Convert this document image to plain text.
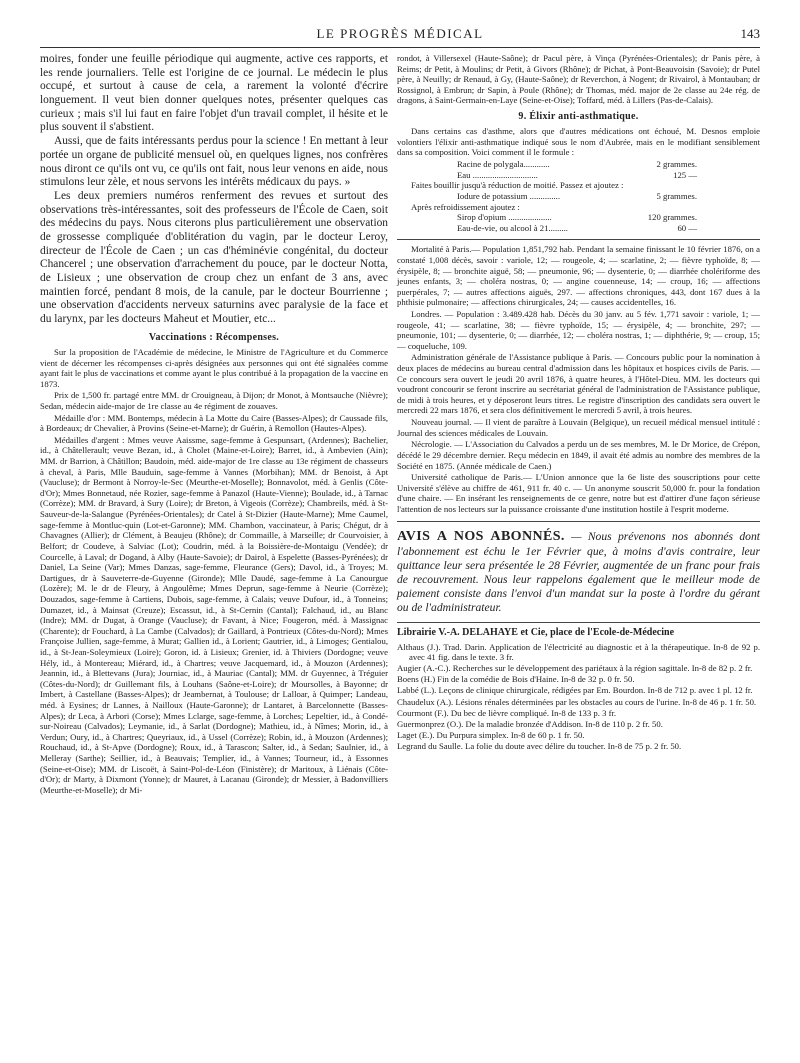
LE PROGRÈS MÉDICAL	143

moires, fonder une feuille périodique qui augmente, active ces rapports, et les rende journaliers. Telle est l'origine de ce journal. Le médecin le plus occupé, et surtout à cause de cela, a rarement la volonté d'écrire longuement. Il veut bien donner quelques notes, présenter quelques cas curieux ; mais s'il lui faut en faire l'objet d'un travail complet, il hésite et le plus souvent il s'abstient.

Aussi, que de faits intéressants perdus pour la science ! En mettant à leur portée un organe de publicité mensuel où, en quelques lignes, nos confrères nous diront ce qu'ils ont vu, ce qu'ils ont fait, nous leur venons en aide, nous stimulons leur zèle, et nous servons les intérêts médicaux du pays. »

Les deux premiers numéros renferment des revues et surtout des observations très-intéressantes, soit des professeurs de l'École de Caen, soit des médecins du pays. Nous citerons plus particulièrement une observation de grossesse compliquée d'oblitération du vagin, par le docteur Leroy, directeur de l'École de Caen ; un cas d'héminévie congénital, du docteur Chancerel ; une observation d'arrachement du pouce, par le docteur Notta, de Lisieux ; une observation de croup chez un enfant de 3 ans, avec maintien forcé, pendant 8 mois, de la canule, par le docteur Bourrienne ; une observation d'accidents nerveux saturnins avec paralysie de la face et du larynx, par les docteurs Maheut et Moutier, etc...

Vaccinations : Récompenses.

Sur la proposition de l'Académie de médecine, le Ministre de l'Agriculture et du Commerce vient de décerner les récompenses ci-après désignées aux personnes qui ont été signalées comme ayant fait le plus de vaccinations et comme ayant le plus contribué à la propagation de la vaccine en 1873.

Prix de 1,500 fr. partagé entre MM. dr Crouigneau, à Dijon; dr Monot, à Montsauche (Nièvre); Sedan, médecin aide-major de 1re classe au 4e régiment de zouaves.

Médaille d'or : MM. Bontemps, médecin à La Motte du Caire (Basses-Alpes); dr Caussade fils, à Bordeaux; dr Chevalier, à Provins (Seine-et-Marne); dr Guérin, à Remollon (Hautes-Alpes).

Médailles d'argent : Mmes veuve Aaissme, sage-femme à Gespunsart, (Ardennes); Bachelier, id., à Châtellerault; veuve Bezan, id., à Cholet (Maine-et-Loire); Barret, id., à Ambevien (Ain); MM. dr Barrion, à Châtillon; Baudoin, méd. aide-major de 1re classe au 13e régiment de chasseurs à cheval, à Paris, Mlle Bauduin, sage-femme à Vannes (Morbihan); MM. dr Benoist, à Apt (Vaucluse); dr Bermont à Norroy-le-Sec (Meurthe-et-Moselle); Bonnavolot, méd. à Genlis (Côte-d'Or); Mmes Bonnetaud, née Rozier, sage-femme à Panazol (Haute-Vienne); Boulade, id., à Tarnac (Corrèze); MM. dr Bravard, à Sury (Loire); dr Breton, à Vigeois (Corrèze); Chambreils, méd. à St-Sauveur-de-la-Salangue (Pyrénées-Orientales); dr Catel à St-Dizier (Haute-Marne); Mme Caumel, sage-femme à Montluc-quin (Lot-et-Garonne); MM. Chambon, vaccinateur, à Paris; Chégut, dr à Chavagnes (Allier); dr Clément, à Beaujeu (Rhône); dr Commaille, à Marseille; dr Courvoisier, à Belfort; dr Coudeve, à Salviac (Lot); Coudrin, méd. à la Boissière-de-Montaigu (Vendée); dr Courcelle, à Laval; dr Dogand, à Alby (Haute-Savoie); dr Dairol, à Espelette (Basses-Pyrénées); dr Daniel, La Seine (Var); Mmes Danzas, sage-femme, Fleurance (Gers); Davol, id., à Troyes; M. Dartigues, dr à Sauveterre-de-Guyenne (Gironde); Mlle Daudé, sage-femme à La Canourgue (Lozère); M. le dr de Fleury, à Angoulême; Mmes Deprun, sage-femme à Neurie (Corrèze); Douzados, sage-femme à Cartiens, Dubois, sage-femme, à Calais; veuve Dufour, id., à Tonneins; Dumazet, id., à Mainsat (Creuze); Escassut, id., à St-Cernin (Cantal); Falchaud, id., au Blanc (Indre); MM. dr Dugat, à Orange (Vaucluse); dr Favant, à Nice; Fougeron, méd. à Massignac (Charente); dr Fouchard, à La Cambe (Calvados); dr Gaillard, à Pontrieux (Côtes-du-Nord); Mmes Françoise Jullien, sage-femme, à Murat; Gallien id., à Lorient; Gautrier, id., à Limoges; Gentialou, id., à St-Jean-Soleymieux (Loire); Goron, id. à Lisieux; Grenier, id. à Thiviers (Dordogne; veuve Hély, id., à Montereau; Miérard, id., à Chartres; veuve Jacquemard, id., à Mouzon (Ardennes); Jeannin, id., à Blettevans (Jura); Journiac, id., à Mauriac (Cantal); MM. dr Guyennec, à Tréguier (Côtes-du-Nord); dr Guillemant fils, à Louhans (Saône-et-Loire); dr Moursolles, à Bayonne; dr Imbert, à Castellane (Basses-Alpes); dr Jeambernat, à Toulouse; dr Lalloar, à Quimper; Landeau, méd. à Eysines; dr Lannes, à Nailloux (Haute-Garonne); dr Lantaret, à Barcelonnette (Basses-Alpes); dr Leca, à Arbori (Corse); Mmes Lclarge, sage-femme, à Lorches; Lepeltier, id., à Condé-sur-Noireau (Calvados); Leymanie, id., à Sarlat (Dordogne); Mathieu, id., à Nîmes; Morin, id., à Verdun; Oury, id., à Chartres; Queyriaux, id., à Ussel (Corrèze); Robin, id., à Mouzon (Ardennes); Rouchaud, id., à St-Apve (Dordogne); Roux, id., à Tarascon; Salter, id., à Sedan; Saulnier, id., à Melleray (Sarthe); Seillier, id., à Beauvais; Templier, id., à Vannes; Tourneur, id., à Essonnes (Seine-et-Oise); MM. dr Liscoët, à Saint-Pol-de-Léon (Finistère); dr Maritoux, à Liénais (Côte-d'Or); dr Marty, à Dixmont (Yonne); dr Mauret, à Lacanau (Gironde); dr Messier, à Badonvilliers (Meurthe-et-Moselle); dr Mi-

rondot, à Villersexel (Haute-Saône); dr Pacul père, à Vinça (Pyrénées-Orientales); dr Panis père, à Reims; dr Petit, à Moulins; dr Petit, à Givors (Rhône); dr Pichat, à Pont-Beauvoisin (Savoie); dr Putel père, à Neuilly; dr Renaud, à Gy, (Haute-Saône); dr Reverchon, à Nogent; dr Rivairol, à Montauban; dr Rossignol, à Embrun; dr Sapin, à Poule (Rhône); dr Thomas, méd. major de 2e classe au 24e rég. de dragons, à Saint-Germain-en-Laye (Seine-et-Oise); Toffard, méd. à Lillers (Pas-de-Calais).

9. Élixir anti-asthmatique.

Dans certains cas d'asthme, alors que d'autres médications ont échoué, M. Desnos emploie volontiers l'élixir anti-asthmatique indiqué sous le nom d'Aubrée, mais en le modifiant sensiblement dans sa composition. Voici comment il le formule :

Racine de polygala............	2 grammes.
Eau ..............................	125 —
Faites bouillir jusqu'à réduction de moitié. Passez et ajoutez :
Iodure de potassium ..............	5 grammes.
Après refroidissement ajoutez :
Sirop d'opium ....................	120 grammes.
Eau-de-vie, ou alcool à 21.........	60 —

Mortalité à Paris.— Population 1,851,792 hab. Pendant la semaine finissant le 10 février 1876, on a constaté 1,008 décès, savoir : variole, 12; — rougeole, 4; — scarlatine, 2; — fièvre typhoïde, 8; — érysipèle, 8; — bronchite aiguë, 58; — pneumonie, 96; — dysenterie, 0; — diarrhée cholériforme des jeunes enfants, 3; — choléra nostras, 0; — angine couenneuse, 14; — croup, 16; — affections puerpérales, 7; — autres affections aiguës, 297. — affections chroniques, 443, dont 167 dues à la phthisie pulmonaire; — affections chirurgicales, 24; — causes accidentelles, 16.

Londres. — Population : 3.489.428 hab. Décès du 30 janv. au 5 fév. 1,771 savoir : variole, 1; — rougeole, 41; — scarlatine, 38; — fièvre typhoïde, 15; — érysipèle, 4; — bronchite, 297; — pneumonie, 101; — dysenterie, 0; — diarrhée, 12; — choléra nostras, 1; — diphthérie, 9; — croup, 15; — coqueluche, 109.

Administration générale de l'Assistance publique à Paris. — Concours public pour la nomination à deux places de médecins au bureau central d'admission dans les hôpitaux et hospices civils de Paris. — Ce concours sera ouvert le jeudi 20 avril 1876, à quatre heures, à l'Hôtel-Dieu. MM. les docteurs qui voudront concourir se feront inscrire au secrétariat général de l'administration de l'Assistance publique, de midi à trois heures, et y déposeront leurs titres. Le registre d'inscription des candidats sera ouvert le mercredi 22 mars 1876, et sera clos définitivement le mercredi 5 avril, à trois heures.

Nouveau journal. — Il vient de paraître à Louvain (Belgique), un recueil médical mensuel intitulé : Journal des sciences médicales de Louvain.

Nécrologie. — L'Association du Calvados a perdu un de ses membres, M. le Dr Morice, de Crépon, décédé le 29 décembre dernier. Reçu médecin en 1849, il avait été admis au nombre des membres de la Société en 1875. (Année médicale de Caen.)

Université catholique de Paris.— L'Union annonce que la 6e liste des souscriptions pour cette Université s'élève au chiffre de 461, 911 fr. 40 c. — Un anonyme souscrit 50,000 fr. pour la fondation d'une chaire. — En insérant les renseignements de ce genre, notre but est d'attirer d'une façon sérieuse l'attention de nos lecteurs sur la puissance croissante d'une institution hostile à l'esprit moderne.

AVIS A NOS ABONNÉS. — Nous prévenons nos abonnés dont l'abonnement est échu le 1er Février que, à moins d'avis contraire, leur quittance leur sera présentée le 28 Février, augmentée de un franc pour frais de recouvrement. Nous leur rappelons également que le meilleur mode de paiement consiste dans l'envoi d'un mandat sur la poste à l'ordre du gérant ou de l'administrateur.
Librairie V.-A. DELAHAYE et Cie, place de l'Ecole-de-Médecine

Althaus (J.). Trad. Darin. Application de l'électricité au diagnostic et à la thérapeutique. In-8 de 92 p. avec 41 fig. dans le texte. 3 fr.

Augier (A.-C.). Recherches sur le développement des pariétaux à la région sagittale. In-8 de 82 p. 2 fr.

Boens (H.) Fin de la comédie de Bois d'Haine. In-8 de 32 p. 0 fr. 50.

Labbé (L.). Leçons de clinique chirurgicale, rédigées par Em. Bourdon. In-8 de 712 p. avec 1 pl. 12 fr.

Chaudelux (A.). Lésions rénales déterminées par les obstacles au cours de l'urine. In-8 de 46 p. 1 fr. 50.

Courmont (F.). Du bec de lièvre compliqué. In-8 de 133 p. 3 fr.

Guermonprez (O.). De la maladie bronzée d'Addison. In-8 de 110 p. 2 fr. 50.

Laget (E.). Du Purpura simplex. In-8 de 60 p. 1 fr. 50.

Legrand du Saulle. La folie du doute avec délire du toucher. In-8 de 75 p. 2 fr. 50.
